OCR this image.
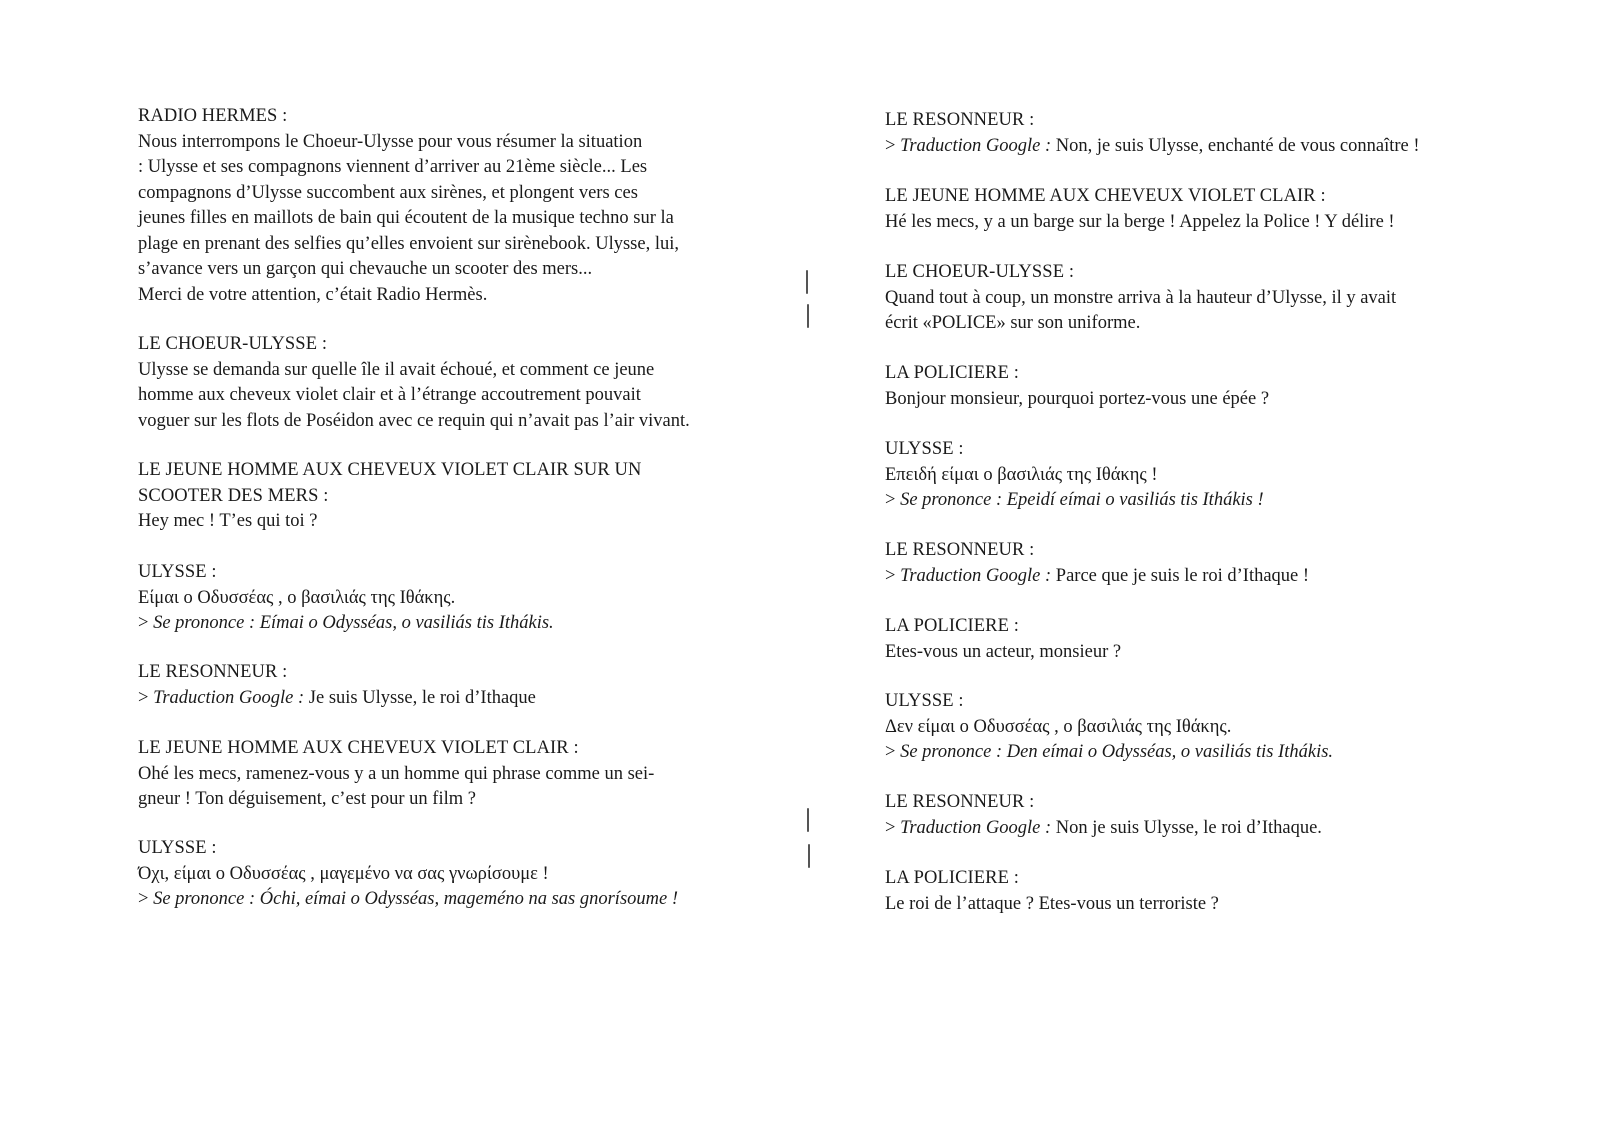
RADIO HERMES :
Nous interrompons le Choeur-Ulysse pour vous résumer la situation
: Ulysse et ses compagnons viennent d’arriver au 21ème siècle... Les
compagnons d’Ulysse succombent aux sirènes, et plongent vers ces
jeunes filles en maillots de bain qui écoutent de la musique techno sur la
plage en prenant des selfies qu’elles envoient sur sirènebook. Ulysse, lui,
s’avance vers un garçon qui chevauche un scooter des mers...
Merci de votre attention, c’était Radio Hermès.
LE CHOEUR-ULYSSE :
Ulysse se demanda sur quelle île il avait échoué, et comment ce jeune
homme aux cheveux violet clair et à l’étrange accoutrement pouvait
voguer sur les flots de Poséidon avec ce requin qui n’avait pas l’air vivant.
LE JEUNE HOMME AUX CHEVEUX VIOLET CLAIR SUR UN
SCOOTER DES MERS :
Hey mec ! T’es qui toi ?
ULYSSE :
Είμαι ο Οδυσσέας , ο βασιλιάς της Ιθάκης.
> Se prononce : Eímai o Odysséas, o vasiliás tis Ithákis.
LE RESONNEUR :
> Traduction Google : Je suis Ulysse, le roi d’Ithaque
LE JEUNE HOMME AUX CHEVEUX VIOLET CLAIR :
Ohé les mecs, ramenez-vous y a un homme qui phrase comme un sei-
gneur ! Ton déguisement, c’est pour un film ?
ULYSSE :
Όχι, είμαι ο Οδυσσέας , μαγεμένο να σας γνωρίσουμε !
> Se prononce : Óchi, eímai o Odysséas, mageméno na sas gnorísoume !
LE RESONNEUR :
> Traduction Google : Non, je suis Ulysse, enchanté de vous connaître !
LE JEUNE HOMME AUX CHEVEUX VIOLET CLAIR :
Hé les mecs, y a un barge sur la berge ! Appelez la Police ! Y délire !
LE CHOEUR-ULYSSE :
Quand tout à coup, un monstre arriva à la hauteur d’Ulysse, il y avait
écrit «POLICE» sur son uniforme.
LA POLICIERE :
Bonjour monsieur, pourquoi portez-vous une épée ?
ULYSSE :
Επειδή είμαι ο βασιλιάς της Ιθάκης !
> Se prononce : Epeidí eímai o vasiliás tis Ithákis !
LE RESONNEUR :
> Traduction Google : Parce que je suis le roi d’Ithaque !
LA POLICIERE :
Etes-vous un acteur, monsieur ?
ULYSSE :
Δεν είμαι ο Οδυσσέας , ο βασιλιάς της Ιθάκης.
> Se prononce : Den eímai o Odysséas, o vasiliás tis Ithákis.
LE RESONNEUR :
> Traduction Google : Non je suis Ulysse, le roi d’Ithaque.
LA POLICIERE :
Le roi de l’attaque ? Etes-vous un terroriste ?
